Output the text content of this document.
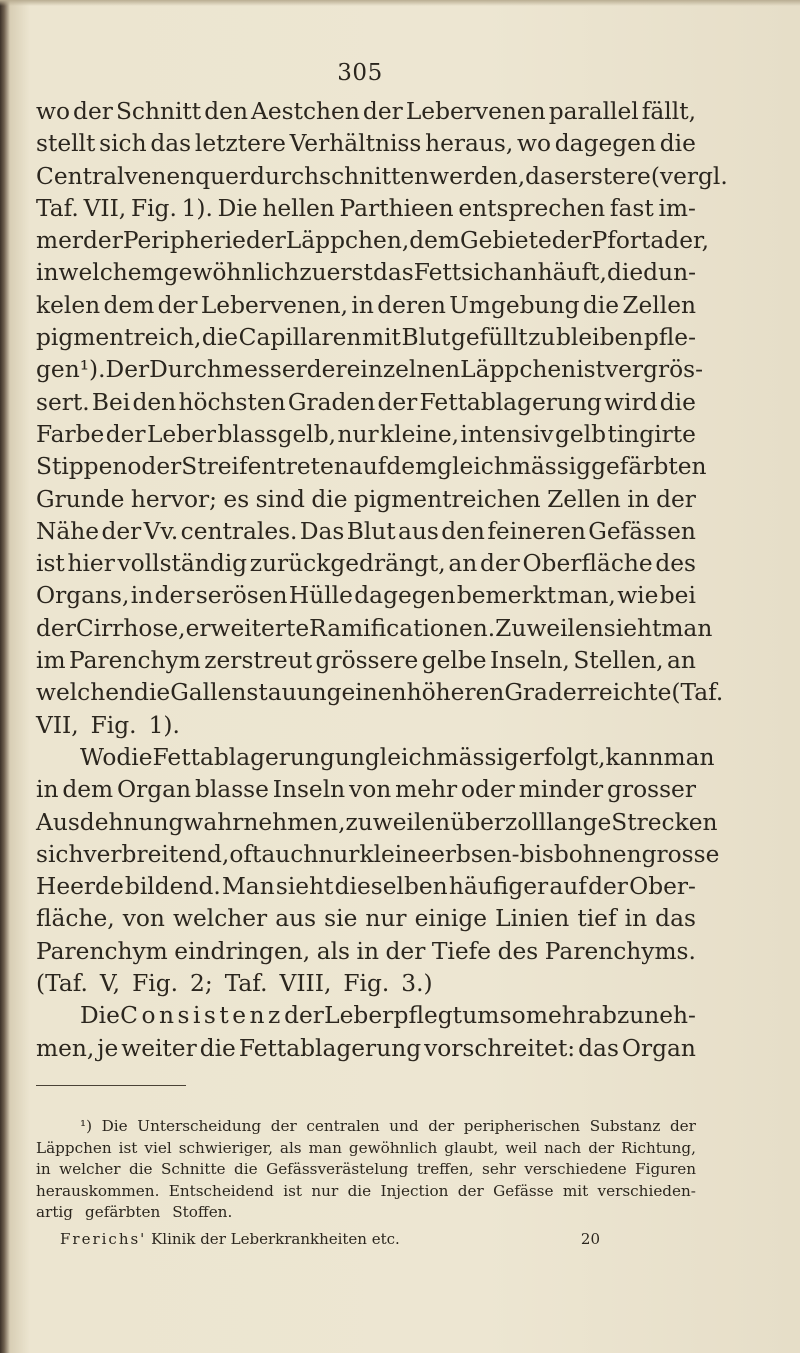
305
wo der Schnitt den Aestchen der Lebervenen parallel fällt,
stellt sich das letztere Verhältniss heraus, wo dagegen die
Centralvenen quer durchschnitten werden, das erstere (vergl.
Taf. VII, Fig. 1). Die hellen Parthieen entsprechen fast im-
mer der Peripherie der Läppchen, dem Gebiete der Pfortader,
in welchem gewöhnlich zuerst das Fett sich anhäuft, die dun-
kelen dem der Lebervenen, in deren Umgebung die Zellen
pigmentreich, die Capillaren mit Blut gefüllt zu bleiben pfle-
gen¹). Der Durchmesser der einzelnen Läppchen ist vergrös-
sert. Bei den höchsten Graden der Fettablagerung wird die
Farbe der Leber blassgelb, nur kleine, intensiv gelb tingirte
Stippen oder Streifen treten auf dem gleichmässig gefärbten
Grunde hervor; es sind die pigmentreichen Zellen in der
Nähe der Vv. centrales. Das Blut aus den feineren Gefässen
ist hier vollständig zurückgedrängt, an der Oberfläche des
Organs, in der serösen Hülle dagegen bemerkt man, wie bei
der Cirrhose, erweiterte Ramificationen. Zuweilen sieht man
im Parenchym zerstreut grössere gelbe Inseln, Stellen, an
welchen die Gallenstauung einen höheren Grad erreichte (Taf.
VII, Fig. 1).
Wo die Fettablagerung ungleichmässig erfolgt, kann man
in dem Organ blasse Inseln von mehr oder minder grosser
Ausdehnung wahrnehmen, zuweilen über zolllange Strecken
sich verbreitend, oft auch nur kleine erbsen- bis bohnengrosse
Heerde bildend. Man sieht dieselben häufiger auf der Ober-
fläche, von welcher aus sie nur einige Linien tief in das
Parenchym eindringen, als in der Tiefe des Parenchyms.
(Taf. V, Fig. 2; Taf. VIII, Fig. 3.)
Die Consistenz der Leber pflegt um so mehr abzuneh-
men, je weiter die Fettablagerung vorschreitet: das Organ
¹) Die Unterscheidung der centralen und der peripherischen Substanz der
Läppchen ist viel schwieriger, als man gewöhnlich glaubt, weil nach der Richtung,
in welcher die Schnitte die Gefässverästelung treffen, sehr verschiedene Figuren
herauskommen. Entscheidend ist nur die Injection der Gefässe mit verschieden-
artig gefärbten Stoffen.
Frerichs' Klinik der Leberkrankheiten etc.	20
